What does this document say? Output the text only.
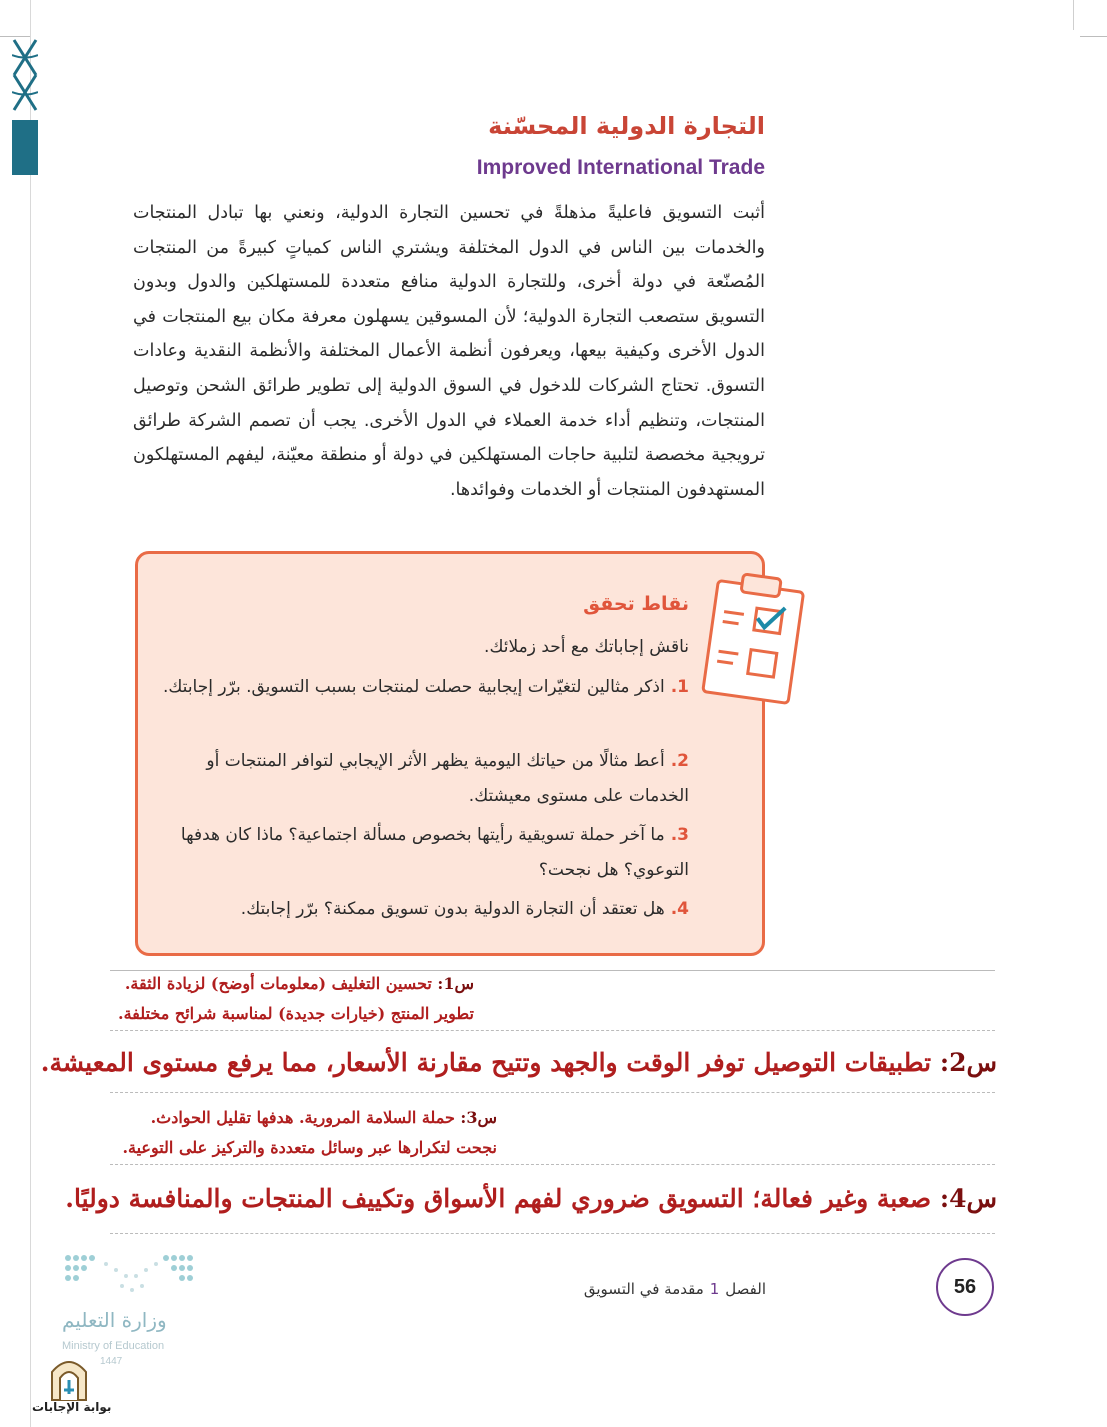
التجارة الدولية المحسّنة
Improved International Trade
أثبت التسويق فاعليةً مذهلةً في تحسين التجارة الدولية، ونعني بها تبادل المنتجات والخدمات بين الناس في الدول المختلفة ويشتري الناس كمياتٍ كبيرةً من المنتجات المُصنّعة في دولة أخرى، وللتجارة الدولية منافع متعددة للمستهلكين والدول وبدون التسويق ستصعب التجارة الدولية؛ لأن المسوقين يسهلون معرفة مكان بيع المنتجات في الدول الأخرى وكيفية بيعها، ويعرفون أنظمة الأعمال المختلفة والأنظمة النقدية وعادات التسوق. تحتاج الشركات للدخول في السوق الدولية إلى تطوير طرائق الشحن وتوصيل المنتجات، وتنظيم أداء خدمة العملاء في الدول الأخرى. يجب أن تصمم الشركة طرائق ترويجية مخصصة لتلبية حاجات المستهلكين في دولة أو منطقة معيّنة، ليفهم المستهلكون المستهدفون المنتجات أو الخدمات وفوائدها.
نقاط تحقق
ناقش إجاباتك مع أحد زملائك.
1.اذكر مثالين لتغيّرات إيجابية حصلت لمنتجات بسبب التسويق. برّر إجابتك.
2.أعط مثالًا من حياتك اليومية يظهر الأثر الإيجابي لتوافر المنتجات أو الخدمات على مستوى معيشتك.
3.ما آخر حملة تسويقية رأيتها بخصوص مسألة اجتماعية؟ ماذا كان هدفها التوعوي؟ هل نجحت؟
4.هل تعتقد أن التجارة الدولية بدون تسويق ممكنة؟ برّر إجابتك.
س1: تحسين التغليف (معلومات أوضح) لزيادة الثقة.
تطوير المنتج (خيارات جديدة) لمناسبة شرائح مختلفة.
س2: تطبيقات التوصيل توفر الوقت والجهد وتتيح مقارنة الأسعار، مما يرفع مستوى المعيشة.
س3: حملة السلامة المرورية. هدفها تقليل الحوادث.
نجحت لتكرارها عبر وسائل متعددة والتركيز على التوعية.
س4: صعبة وغير فعالة؛ التسويق ضروري لفهم الأسواق وتكييف المنتجات والمنافسة دوليًا.
56
الفصل1مقدمة في التسويق
وزارة التعليم
Ministry of Education
1447
بوابة الإجابات
